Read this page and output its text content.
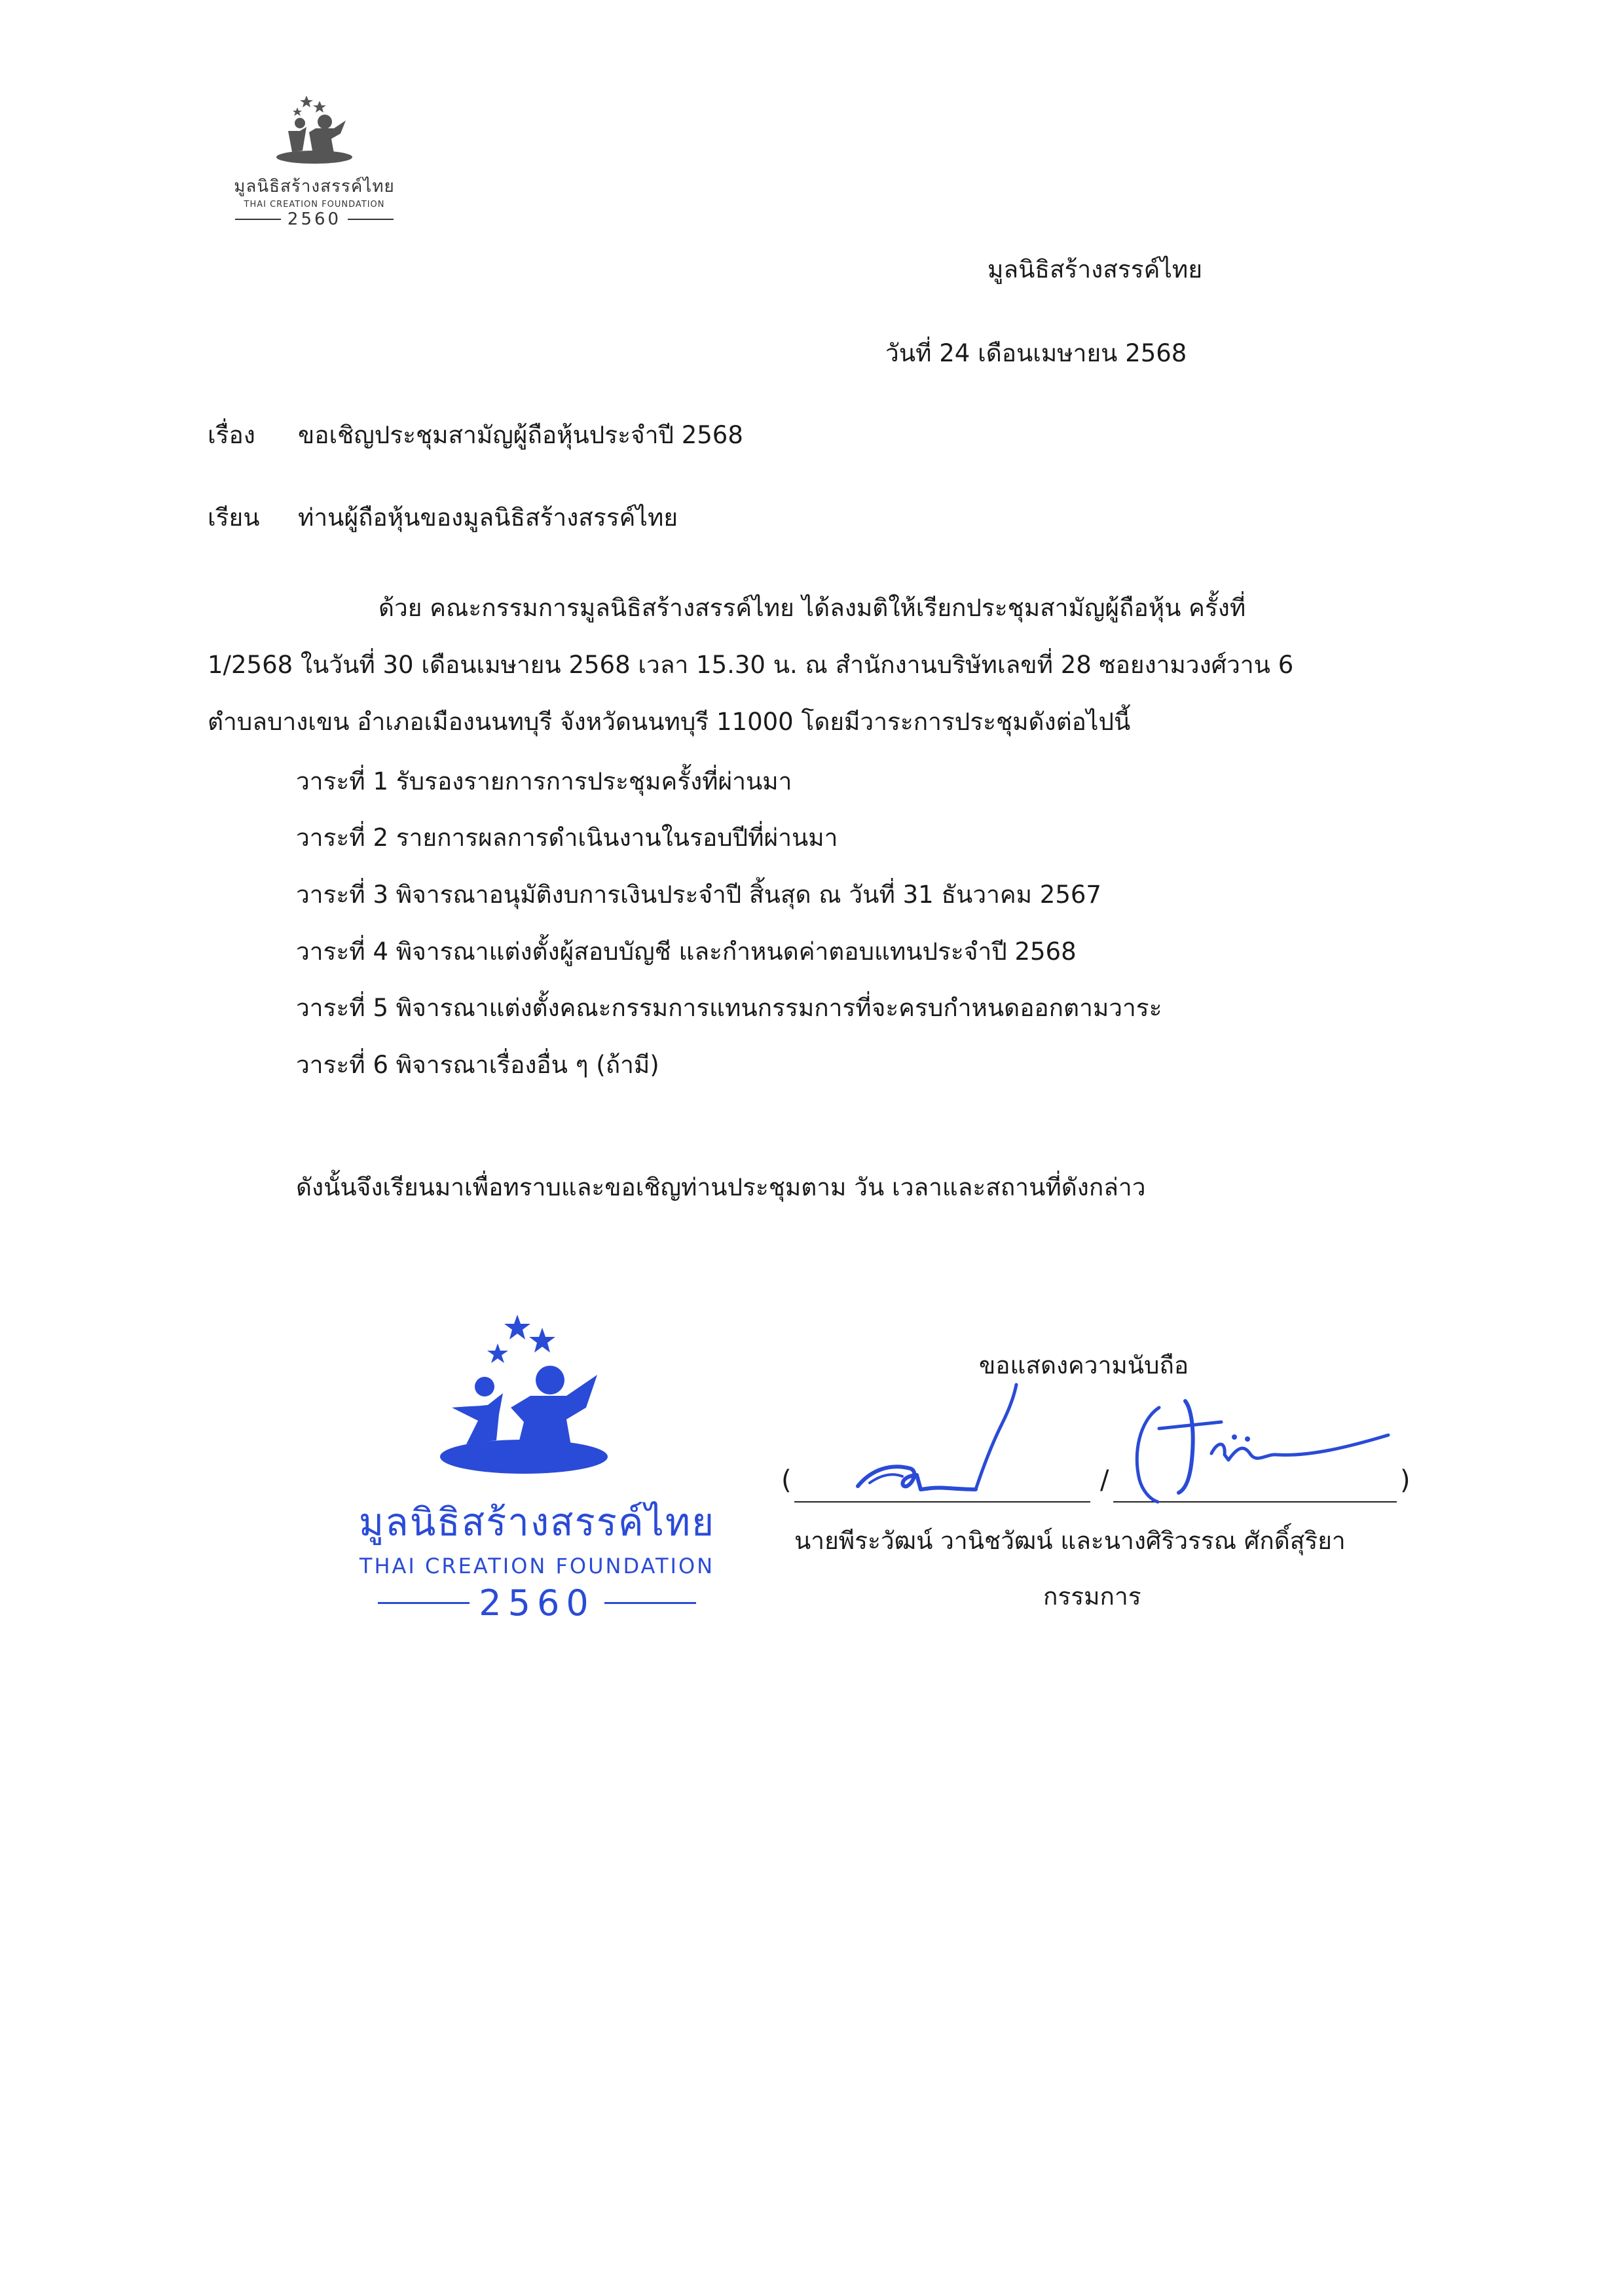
มูลนิธิสร้างสรรค์ไทย
THAI CREATION FOUNDATION
2560
มูลนิธิสร้างสรรค์ไทย
วันที่ 24 เดือนเมษายน 2568
เรื่อง ขอเชิญประชุมสามัญผู้ถือหุ้นประจำปี 2568
เรียน ท่านผู้ถือหุ้นของมูลนิธิสร้างสรรค์ไทย
ด้วย คณะกรรมการมูลนิธิสร้างสรรค์ไทย ได้ลงมติให้เรียกประชุมสามัญผู้ถือหุ้น ครั้งที่
1/2568 ในวันที่ 30 เดือนเมษายน 2568 เวลา 15.30 น. ณ สำนักงานบริษัทเลขที่ 28 ซอยงามวงศ์วาน 6
ตำบลบางเขน อำเภอเมืองนนทบุรี จังหวัดนนทบุรี 11000 โดยมีวาระการประชุมดังต่อไปนี้
วาระที่ 1 รับรองรายการการประชุมครั้งที่ผ่านมา
วาระที่ 2 รายการผลการดำเนินงานในรอบปีที่ผ่านมา
วาระที่ 3 พิจารณาอนุมัติงบการเงินประจำปี สิ้นสุด ณ วันที่ 31 ธันวาคม 2567
วาระที่ 4 พิจารณาแต่งตั้งผู้สอบบัญชี และกำหนดค่าตอบแทนประจำปี 2568
วาระที่ 5 พิจารณาแต่งตั้งคณะกรรมการแทนกรรมการที่จะครบกำหนดออกตามวาระ
วาระที่ 6 พิจารณาเรื่องอื่น ๆ (ถ้ามี)
ดังนั้นจึงเรียนมาเพื่อทราบและขอเชิญท่านประชุมตาม วัน เวลาและสถานที่ดังกล่าว
ขอแสดงความนับถือ
(	/	)
นายพีระวัฒน์ วานิชวัฒน์ และนางศิริวรรณ ศักดิ์สุริยา
กรรมการ
มูลนิธิสร้างสรรค์ไทย
THAI CREATION FOUNDATION
2560
